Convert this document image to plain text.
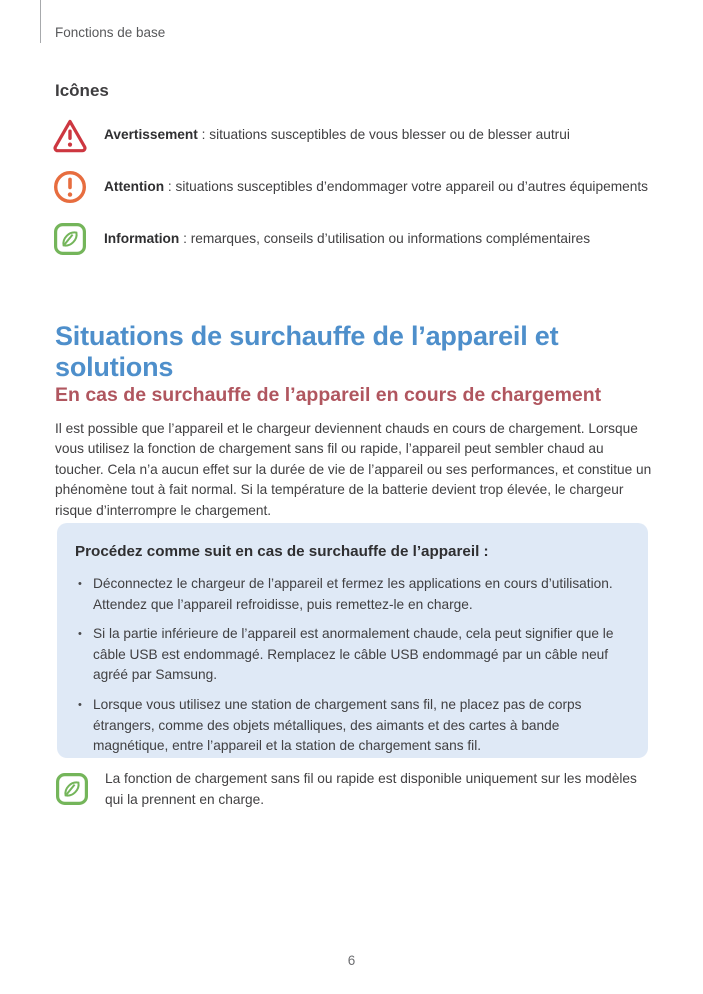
Fonctions de base
Icônes
Avertissement : situations susceptibles de vous blesser ou de blesser autrui
Attention : situations susceptibles d’endommager votre appareil ou d’autres équipements
Information : remarques, conseils d’utilisation ou informations complémentaires
Situations de surchauffe de l’appareil et solutions
En cas de surchauffe de l’appareil en cours de chargement

Il est possible que l’appareil et le chargeur deviennent chauds en cours de chargement. Lorsque vous utilisez la fonction de chargement sans fil ou rapide, l’appareil peut sembler chaud au toucher. Cela n’a aucun effet sur la durée de vie de l’appareil ou ses performances, et constitue un phénomène tout à fait normal. Si la température de la batterie devient trop élevée, le chargeur risque d’interrompre le chargement.

Procédez comme suit en cas de surchauffe de l’appareil :

• Déconnectez le chargeur de l’appareil et fermez les applications en cours d’utilisation. Attendez que l’appareil refroidisse, puis remettez-le en charge.
• Si la partie inférieure de l’appareil est anormalement chaude, cela peut signifier que le câble USB est endommagé. Remplacez le câble USB endommagé par un câble neuf agréé par Samsung.
• Lorsque vous utilisez une station de chargement sans fil, ne placez pas de corps étrangers, comme des objets métalliques, des aimants et des cartes à bande magnétique, entre l’appareil et la station de chargement sans fil.
La fonction de chargement sans fil ou rapide est disponible uniquement sur les modèles qui la prennent en charge.
6
